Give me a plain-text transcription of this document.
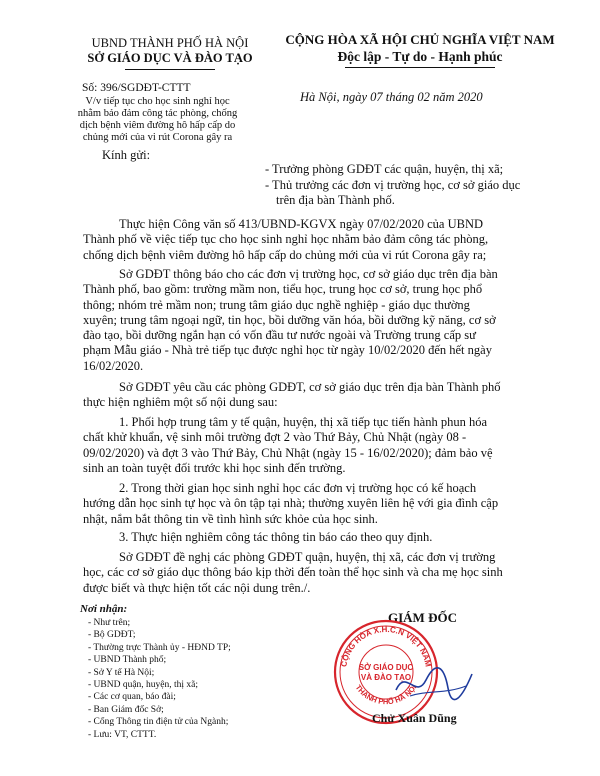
UBND THÀNH PHỐ HÀ NỘI
SỞ GIÁO DỤC VÀ ĐÀO TẠO
CỘNG HÒA XÃ HỘI CHỦ NGHĨA VIỆT NAM
Độc lập - Tự do - Hạnh phúc
Số: 396/SGDĐT-CTTT
V/v tiếp tục cho học sinh nghỉ học
nhằm bảo đảm công tác phòng, chống
dịch bệnh viêm đường hô hấp cấp do
chủng mới của vi rút Corona gây ra
Hà Nội, ngày 07 tháng 02 năm 2020
Kính gửi:
- Trưởng phòng GDĐT các quận, huyện, thị xã;
- Thủ trưởng các đơn vị trường học, cơ sở giáo dục
trên địa bàn Thành phố.
Thực hiện Công văn số 413/UBND-KGVX ngày 07/02/2020 của UBND
Thành phố về việc tiếp tục cho học sinh nghỉ học nhằm bảo đảm công tác phòng,
chống dịch bệnh viêm đường hô hấp cấp do chủng mới của vi rút Corona gây ra;
Sở GDĐT thông báo cho các đơn vị trường học, cơ sở giáo dục trên địa bàn
Thành phố, bao gồm: trường mầm non, tiểu học, trung học cơ sở, trung học phổ
thông; nhóm trẻ mầm non; trung tâm giáo dục nghề nghiệp - giáo dục thường
xuyên; trung tâm ngoại ngữ, tin học, bồi dưỡng văn hóa, bồi dưỡng kỹ năng, cơ sở
đào tạo, bồi dưỡng ngắn hạn có vốn đầu tư nước ngoài và Trường trung cấp sư
phạm Mẫu giáo - Nhà trẻ tiếp tục được nghỉ học từ ngày 10/02/2020 đến hết ngày
16/02/2020.
Sở GDĐT yêu cầu các phòng GDĐT, cơ sở giáo dục trên địa bàn Thành phố
thực hiện nghiêm một số nội dung sau:
1. Phối hợp trung tâm y tế quận, huyện, thị xã tiếp tục tiến hành phun hóa
chất khử khuẩn, vệ sinh môi trường đợt 2 vào Thứ Bảy, Chủ Nhật (ngày 08 -
09/02/2020) và đợt 3 vào Thứ Bảy, Chủ Nhật (ngày 15 - 16/02/2020); đảm bảo vệ
sinh an toàn tuyệt đối trước khi học sinh đến trường.
2. Trong thời gian học sinh nghỉ học các đơn vị trường học có kế hoạch
hướng dẫn học sinh tự học và ôn tập tại nhà; thường xuyên liên hệ với gia đình cập
nhật, nắm bắt thông tin về tình hình sức khỏe của học sinh.
3. Thực hiện nghiêm công tác thông tin báo cáo theo quy định.
Sở GDĐT đề nghị các phòng GDĐT quận, huyện, thị xã, các đơn vị trường
học, các cơ sở giáo dục thông báo kịp thời đến toàn thể học sinh và cha mẹ học sinh
được biết và thực hiện tốt các nội dung trên./.
Nơi nhận:
- Như trên;
- Bộ GDĐT;
- Thường trực Thành ủy - HĐND TP;
- UBND Thành phố;
- Sở Y tế Hà Nội;
- UBND quận, huyện, thị xã;
- Các cơ quan, báo đài;
- Ban Giám đốc Sở;
- Cổng Thông tin điện tử của Ngành;
- Lưu: VT, CTTT.
GIÁM ĐỐC
CỘNG HÒA X.H.C.N VIỆT NAM
THÀNH PHỐ HÀ NỘI
SỞ GIÁO DỤC
VÀ ĐÀO TẠO
Chử Xuân Dũng
